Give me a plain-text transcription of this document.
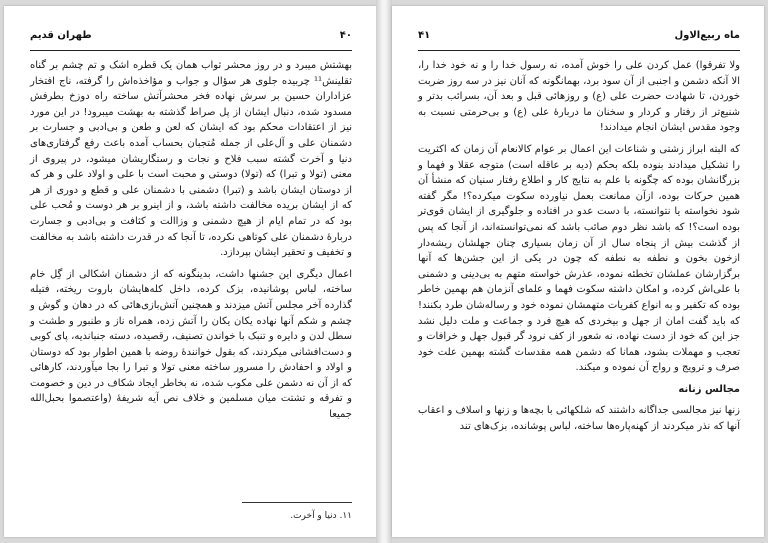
طهران قدیم	۴۰

بهشتش میبرد و در روز محشر ثواب همان یک قطره اشک و تم چشم بر گناه ثقلینش¹¹ چربیده جلوی هر سؤال و جواب و مؤاخذه‌اش را گرفته، ناج افتخار عزاداران حسین بر سرش نهاده فخر محشرآتش ساخته راه دوزخ بطرفش مسدود شده، دنبال ایشان از پل صراط گذشته به بهشت میبرود! در این مورد نیز از اعتقادات محکم بود که ایشان که لعن و طعن و بی‌ادبی و جسارت بر دشمنان علی و آل‌علی از جمله مُتجبان بحساب آمده باعث رفع گرفتاری‌های دنیا و آخرت گشته سبب فلاح و نجات و رستگاریشان میشود، در پیروی از معنی (تولا و تبرا) که (تولا) دوستی و محبت است با علی و اولاد علی و هر که از دوستان ایشان باشد و (تبرا) دشمنی با دشمنان علی و قطع و دوری از هر که از ایشان بریده مخالفت داشته باشد، و از اینرو بر هر دوست و مُحب علی بود که در تمام ایام از هیچ دشمنی و وزاالت و کثافت و بی‌ادبی و جسارت دربارهٔ دشمنان علی کوتاهی نکرده، تا آنجا که در قدرت داشته باشد به مخالفت و تخفیف و تحقیر ایشان بپردازد.

اعمال دیگری این جشنها داشت، بدینگونه که از دشمنان اشکالی از گِل خام ساخته، لباس پوشانیده، بزک کرده، داخل کله‌هایشان باروت ریخته، فتیله گذارده آخر مجلس آتش میزدند و همچنین آتش‌بازی‌هائی که در دهان و گوش و چشم و شکم آنها نهاده یکان یکان را آتش زده، همراه ناز و طنبور و طشت و سطل لدن و دایره و تنبک با خواندن تصنیف، رقصیده، دسته جنباندیه، پای کوبی و دست‌افشانی میکردند، که بقول خوانندهٔ روضه با همین اطوار بود که دوستان و اولاد و احفادش را مسرور ساخته معنی تولا و تبرا را بجا میآوردند، کارهائی که از آن نه دشمن علی مکوب شده، نه بخاطر ایجاد شکاف در دین و خصومت و تفرقه و تشتت میان مسلمین و خلاف نص آیه شریفهٔ (واعتصموا بحبل‌الله جمیعا

۱۱. دنیا و آخرت.
ماه ربیع‌الاول
۴۱

ولا تفرقوا) عمل کردن علی را خوش آمده، نه رسول خدا را و نه خود خدا را، الا آنکه دشمن و اجنبی از آن سود برد، بهمانگونه که آنان نیز در سه روز ضربت خوردن، تا شهادت حضرت علی (ع) و روزهائی قبل و بعد آن، بسرائب بدتر و شنیع‌تر از رفتار و کردار و سخنان ما دربارهٔ علی (ع) و بی‌حرمتی نسبت به وجود مقدس ایشان انجام میدادند!

که البته ابراز زشتی و شناعات این اعمال بر عوام کالانعام آن زمان که اکثریت را تشکیل میدادند بنوده بلکه بحکم (دیه بر عاقله است) متوجه عقلا و فهما و بزرگانشان بوده که چگونه با علم به نتایج کار و اطلاع رفتار سنیان که منشأ آن همین حرکات بوده، ازآن ممانعت بعمل نیاورده سکوت میکرده؟! مگر گفته شود نخواسته یا نتوانسته، با دست عدو در افتاده و جلوگیری از ایشان قوی‌تر بوده است؟! که باشد نظر دوم صائب باشد که نمی‌توانسته‌اند، از آنجا که پس از گذشت بیش از پنجاه سال از آن زمان بسیاری چنان جهلشان ریشه‌دار ازخون بخون و نطفه به نطفه که چون در یکی از این جشن‌ها که آنها برگزارشان عملشان تخطئه نموده، عذرش خواسته متهم به بی‌دینی و دشمنی با علی‌اش کرده، و امکان داشته سکوت فهما و علمای آنزمان هم بهمین خاطر بوده که تکفیر و به انواع کفریات متهمشان نموده خود و رساله‌شان طرد بکنند! که باید گفت امان از جهل و بیخردی که هیچ فرد و جماعت و ملت دلیل نشد جز این که خود از دست نهاده، نه شعور از کف نرود گر قبول جهل و خرافات و تعجب و مهملات بشود، همانا که دشمن همه مقدسات گشته بهمین علت خود صرف و ترویج و رواج آن نموده و میکند.

مجالس زنانه

زنها نیز مجالسی جداگانه داشتند که شلکهائی با بچه‌ها و زنها و اسلاف و اعقاب آنها که نذر میکردند از کهنه‌پاره‌ها ساخته، لباس پوشانده، بزک‌های تند
